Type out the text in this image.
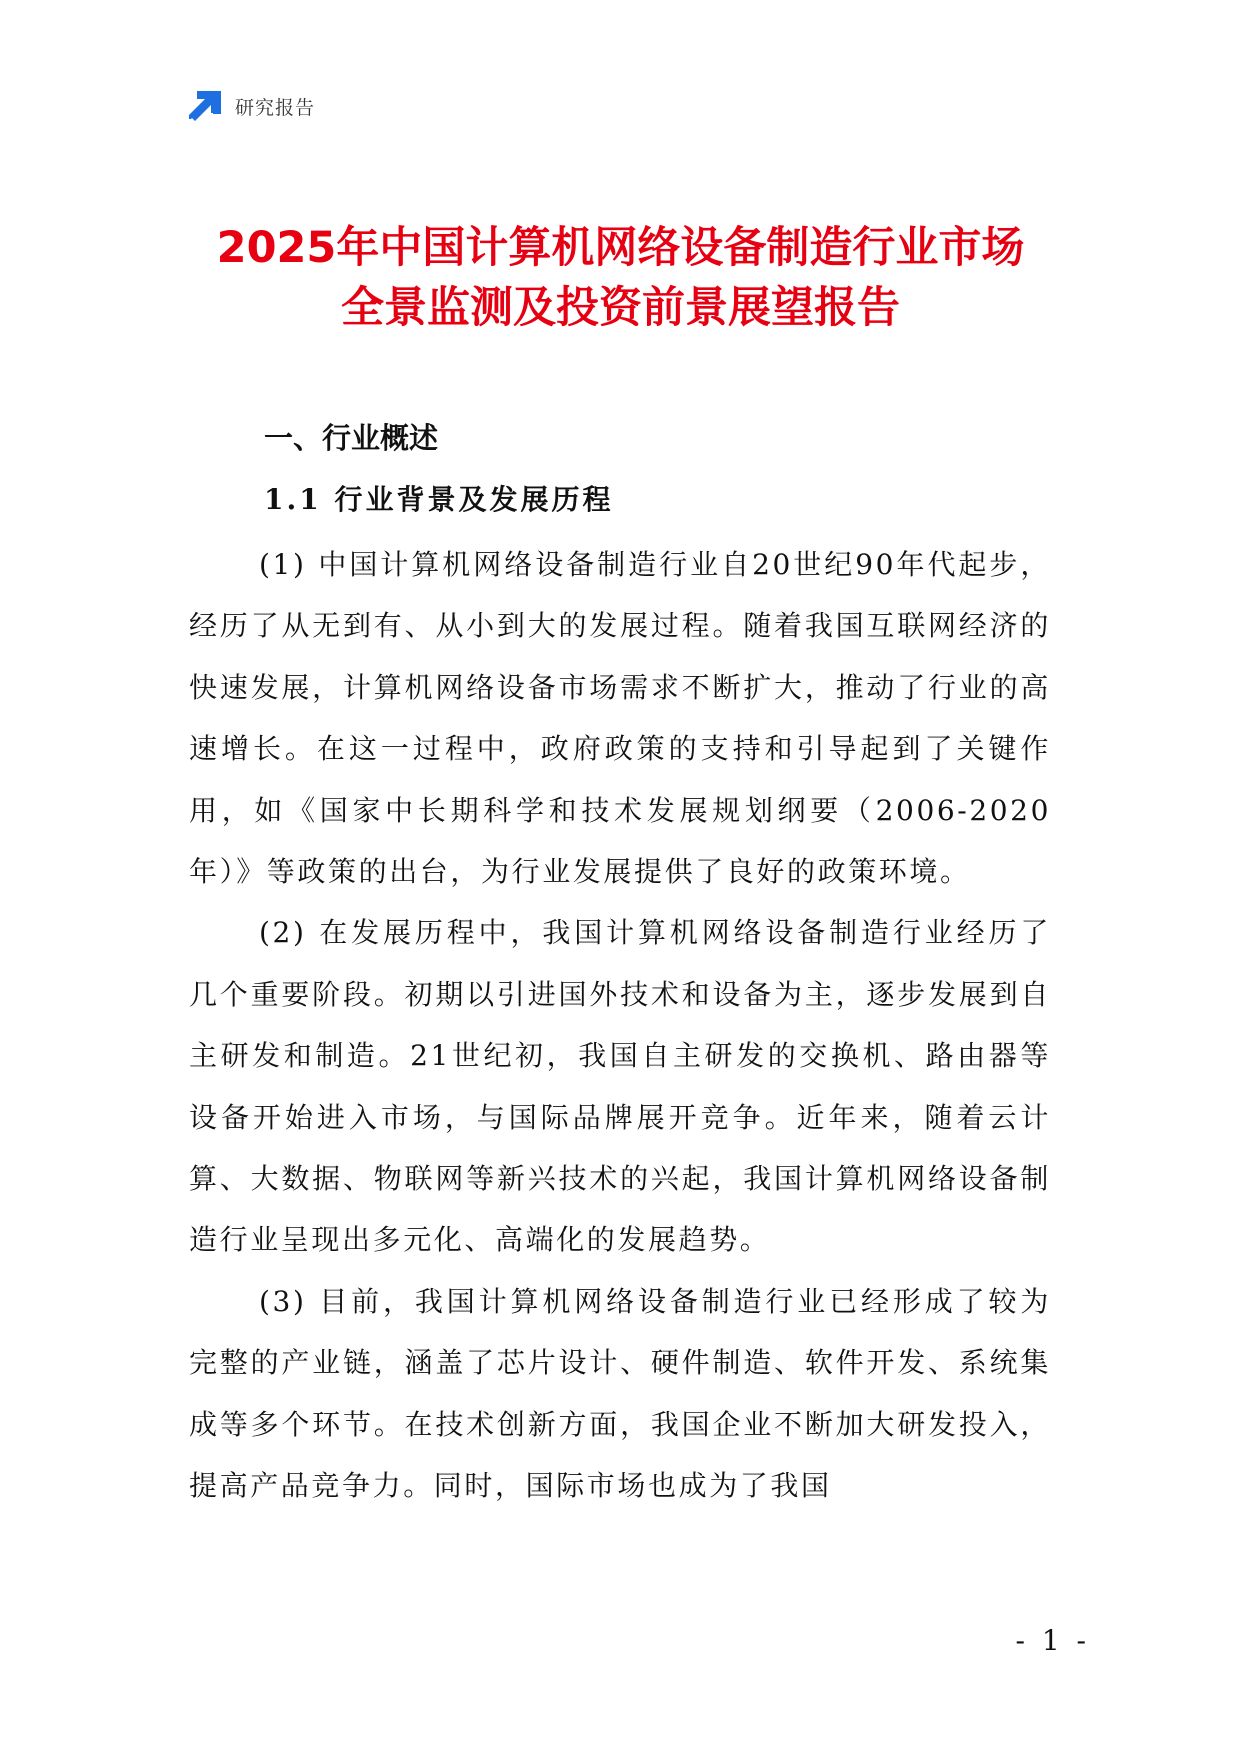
研究报告
2025年中国计算机网络设备制造行业市场
全景监测及投资前景展望报告
一、行业概述
1.1 行业背景及发展历程

(1) 中国计算机网络设备制造行业自20世纪90年代起步，经历了从无到有、从小到大的发展过程。随着我国互联网经济的快速发展，计算机网络设备市场需求不断扩大，推动了行业的高速增长。在这一过程中，政府政策的支持和引导起到了关键作用，如《国家中长期科学和技术发展规划纲要（2006-2020年）》等政策的出台，为行业发展提供了良好的政策环境。

(2) 在发展历程中，我国计算机网络设备制造行业经历了几个重要阶段。初期以引进国外技术和设备为主，逐步发展到自主研发和制造。21世纪初，我国自主研发的交换机、路由器等设备开始进入市场，与国际品牌展开竞争。近年来，随着云计算、大数据、物联网等新兴技术的兴起，我国计算机网络设备制造行业呈现出多元化、高端化的发展趋势。

(3) 目前，我国计算机网络设备制造行业已经形成了较为完整的产业链，涵盖了芯片设计、硬件制造、软件开发、系统集成等多个环节。在技术创新方面，我国企业不断加大研发投入，提高产品竞争力。同时，国际市场也成为了我国

- 1 -
